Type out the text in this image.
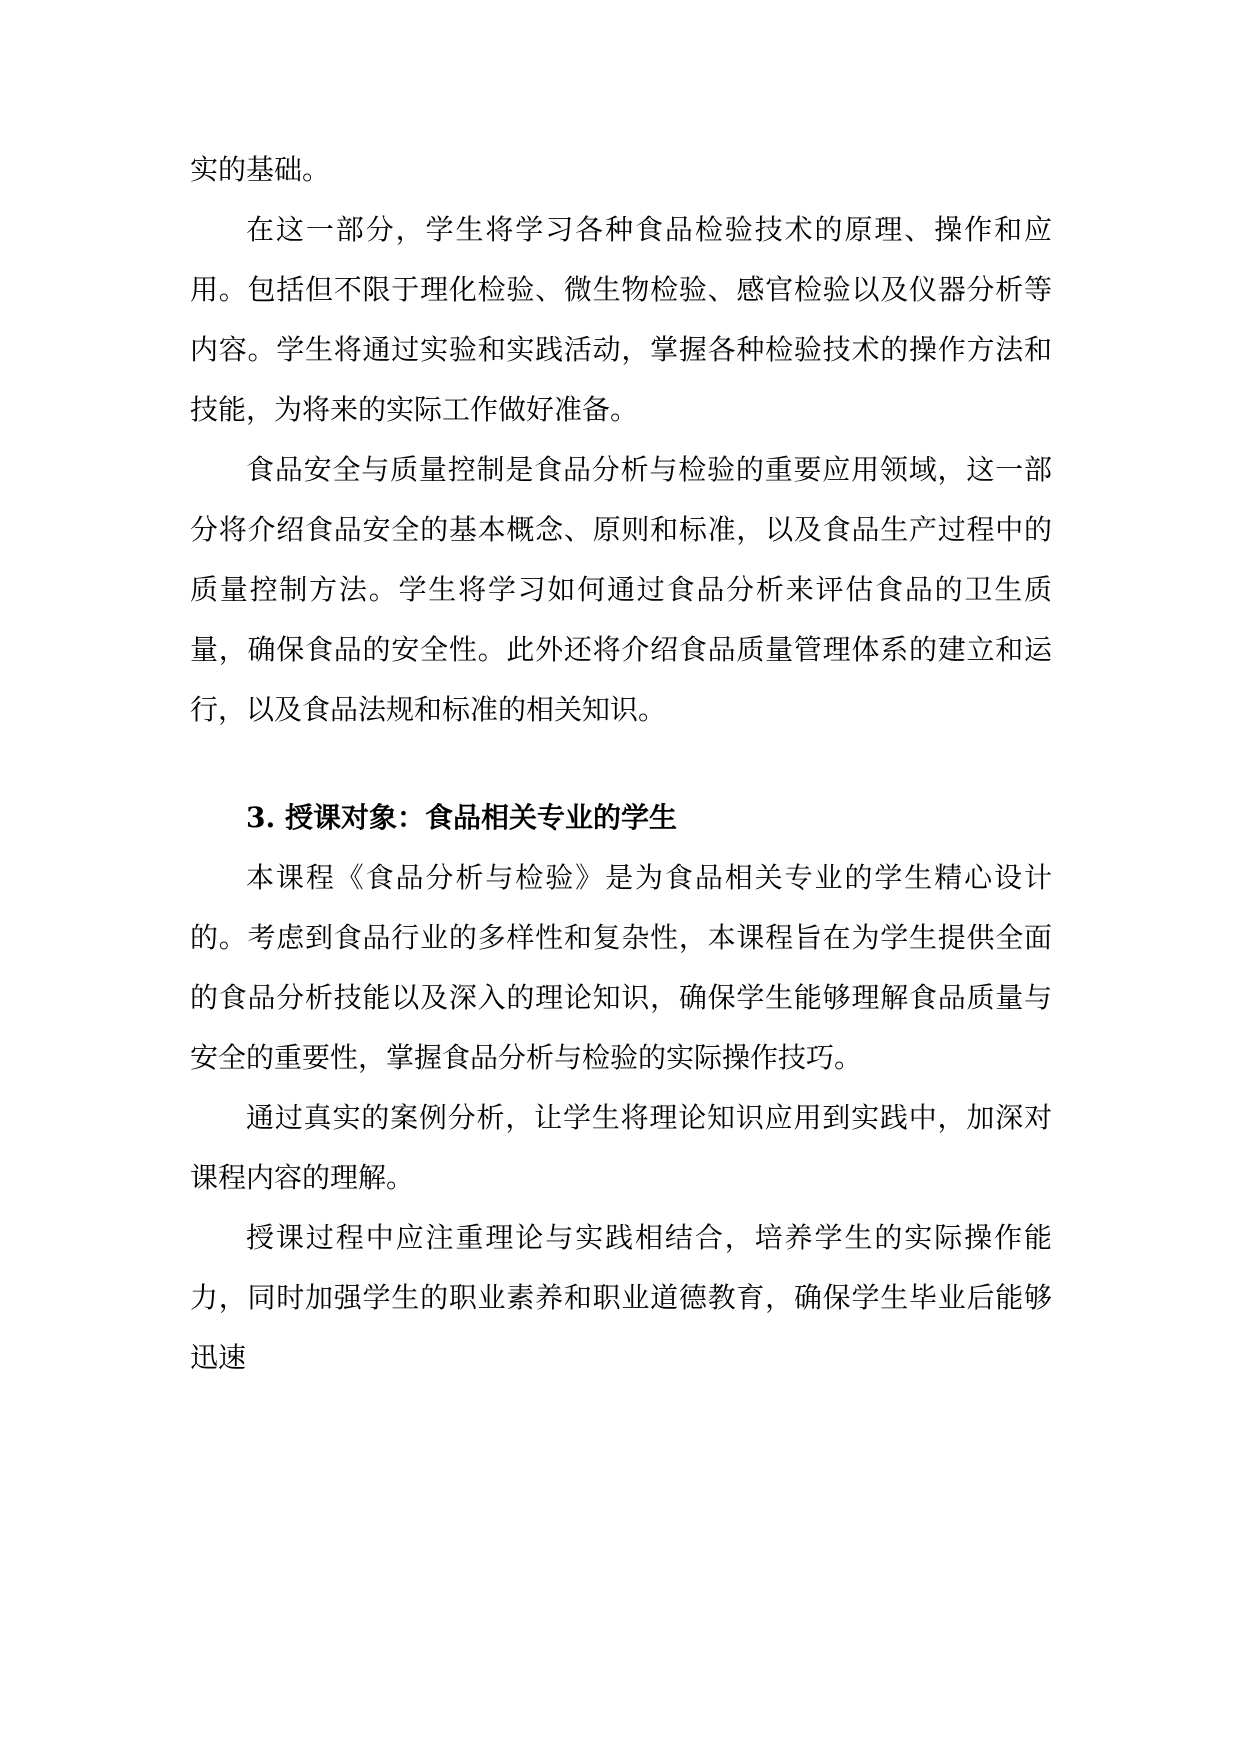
实的基础。

在这一部分，学生将学习各种食品检验技术的原理、操作和应用。包括但不限于理化检验、微生物检验、感官检验以及仪器分析等内容。学生将通过实验和实践活动，掌握各种检验技术的操作方法和技能，为将来的实际工作做好准备。

食品安全与质量控制是食品分析与检验的重要应用领域，这一部分将介绍食品安全的基本概念、原则和标准，以及食品生产过程中的质量控制方法。学生将学习如何通过食品分析来评估食品的卫生质量，确保食品的安全性。此外还将介绍食品质量管理体系的建立和运行，以及食品法规和标准的相关知识。

3. 授课对象：食品相关专业的学生

本课程《食品分析与检验》是为食品相关专业的学生精心设计的。考虑到食品行业的多样性和复杂性，本课程旨在为学生提供全面的食品分析技能以及深入的理论知识，确保学生能够理解食品质量与安全的重要性，掌握食品分析与检验的实际操作技巧。

通过真实的案例分析，让学生将理论知识应用到实践中，加深对课程内容的理解。

授课过程中应注重理论与实践相结合，培养学生的实际操作能力，同时加强学生的职业素养和职业道德教育，确保学生毕业后能够迅速
